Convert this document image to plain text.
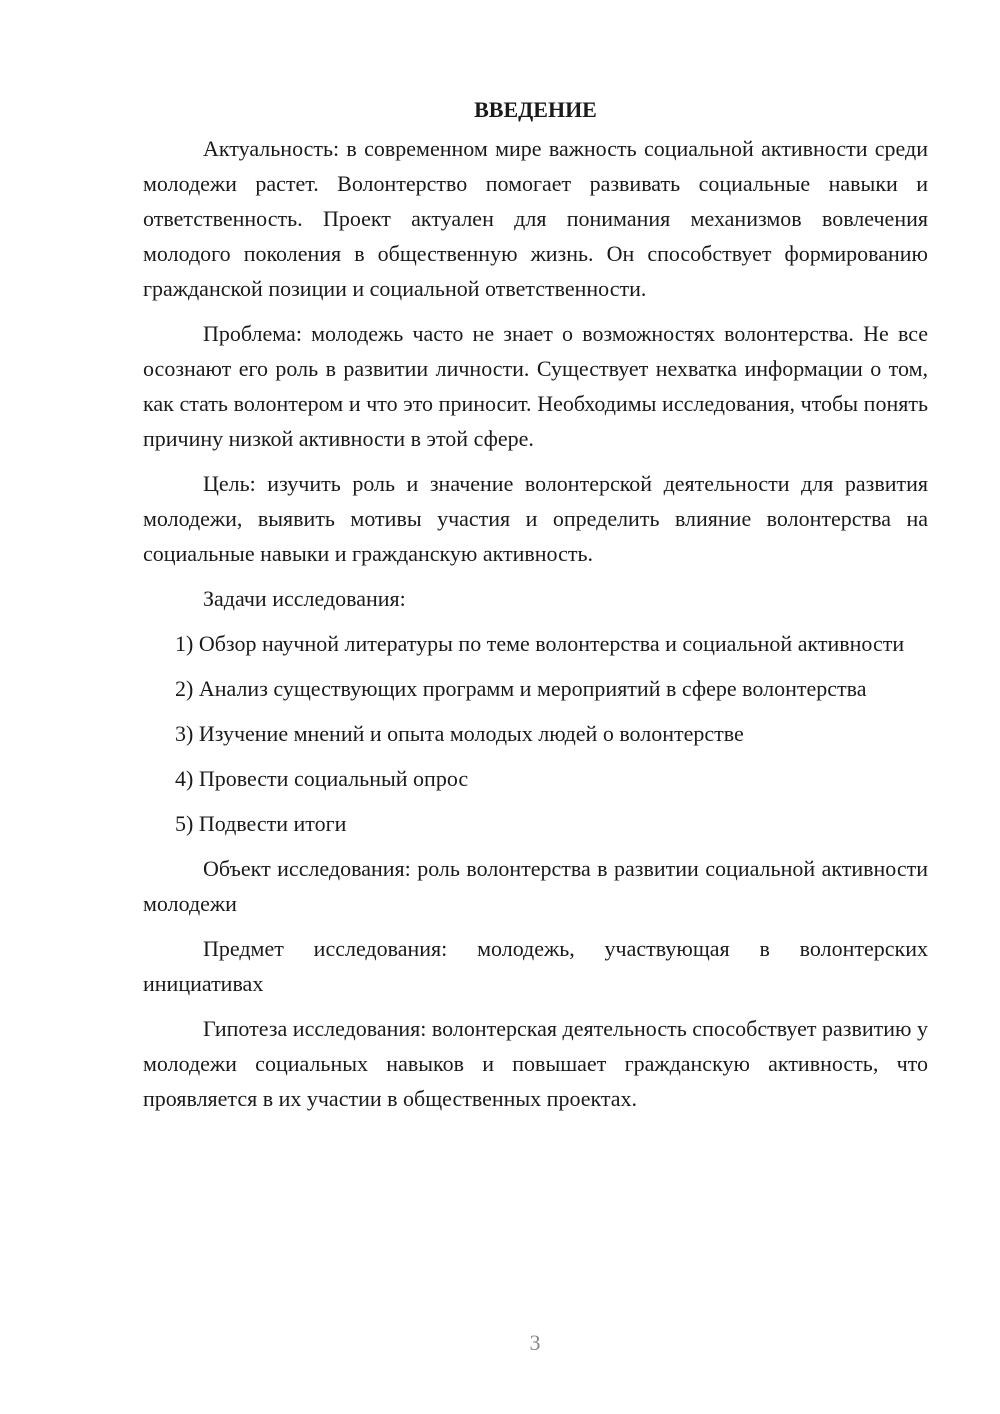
ВВЕДЕНИЕ

Актуальность: в современном мире важность социальной активности среди молодежи растет. Волонтерство помогает развивать социальные навыки и ответственность. Проект актуален для понимания механизмов вовлечения молодого поколения в общественную жизнь. Он способствует формированию гражданской позиции и социальной ответственности.

Проблема: молодежь часто не знает о возможностях волонтерства. Не все осознают его роль в развитии личности. Существует нехватка информации о том, как стать волонтером и что это приносит. Необходимы исследования, чтобы понять причину низкой активности в этой сфере.

Цель: изучить роль и значение волонтерской деятельности для развития молодежи, выявить мотивы участия и определить влияние волонтерства на социальные навыки и гражданскую активность.

Задачи исследования:

1) Обзор научной литературы по теме волонтерства и социальной активности

2) Анализ существующих программ и мероприятий в сфере волонтерства

3) Изучение мнений и опыта молодых людей о волонтерстве

4) Провести социальный опрос

5) Подвести итоги

Объект исследования: роль волонтерства в развитии социальной активности молодежи

Предмет исследования: молодежь, участвующая в волонтерских инициативах

Гипотеза исследования: волонтерская деятельность способствует развитию у молодежи социальных навыков и повышает гражданскую активность, что проявляется в их участии в общественных проектах.

3
